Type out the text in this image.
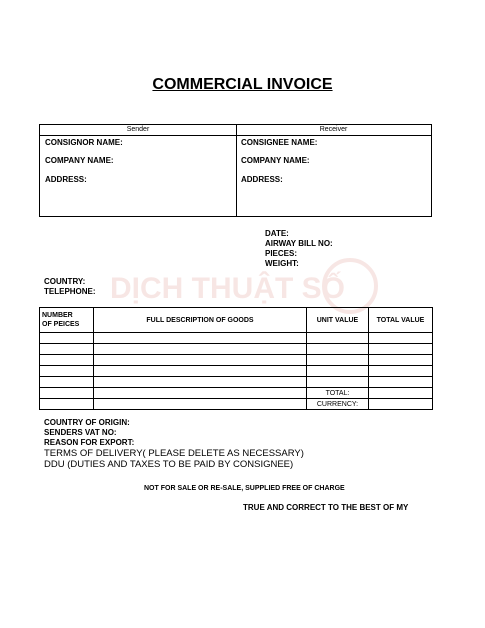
COMMERCIAL INVOICE
Sender
CONSIGNOR NAME:
COMPANY NAME:
ADDRESS:
Receiver
CONSIGNEE NAME:
COMPANY NAME:
ADDRESS:
DATE:
AIRWAY BILL NO:
PIECES:
WEIGHT:
DỊCH THUẬT SỐ
COUNTRY:
TELEPHONE:
NUMBER
OF PEICES	FULL DESCRIPTION OF GOODS	UNIT VALUE	TOTAL VALUE

		TOTAL:	
		CURRENCY:	
COUNTRY OF ORIGIN:
SENDERS VAT NO:
REASON FOR EXPORT:
TERMS OF DELIVERY( PLEASE DELETE AS NECESSARY)
DDU (DUTIES AND TAXES TO BE PAID BY CONSIGNEE)
NOT FOR SALE OR RE-SALE, SUPPLIED FREE OF CHARGE
TRUE AND CORRECT TO THE BEST OF MY
